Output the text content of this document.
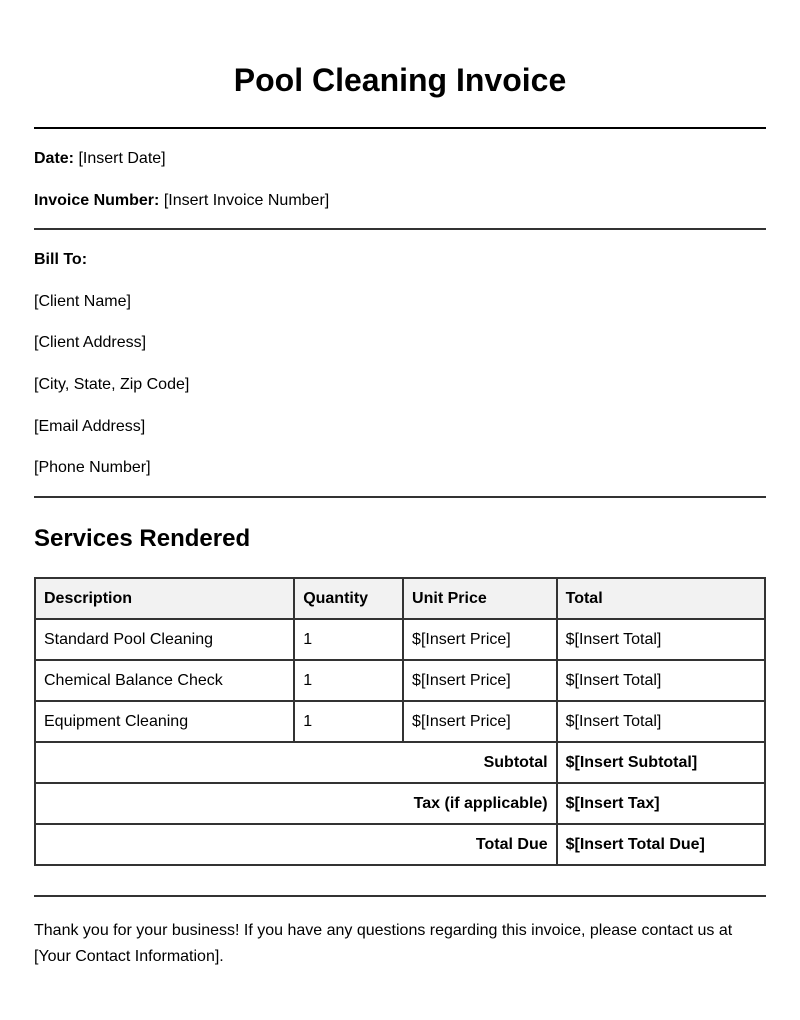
Pool Cleaning Invoice

Date: [Insert Date]

Invoice Number: [Insert Invoice Number]

Bill To:

[Client Name]

[Client Address]

[City, State, Zip Code]

[Email Address]

[Phone Number]

Services Rendered
Description	Quantity	Unit Price	Total
Standard Pool Cleaning	1	$[Insert Price]	$[Insert Total]
Chemical Balance Check	1	$[Insert Price]	$[Insert Total]
Equipment Cleaning	1	$[Insert Price]	$[Insert Total]
Subtotal			$[Insert Subtotal]
Tax (if applicable)			$[Insert Tax]
Total Due			$[Insert Total Due]

Thank you for your business! If you have any questions regarding this invoice, please contact us at [Your Contact Information].
